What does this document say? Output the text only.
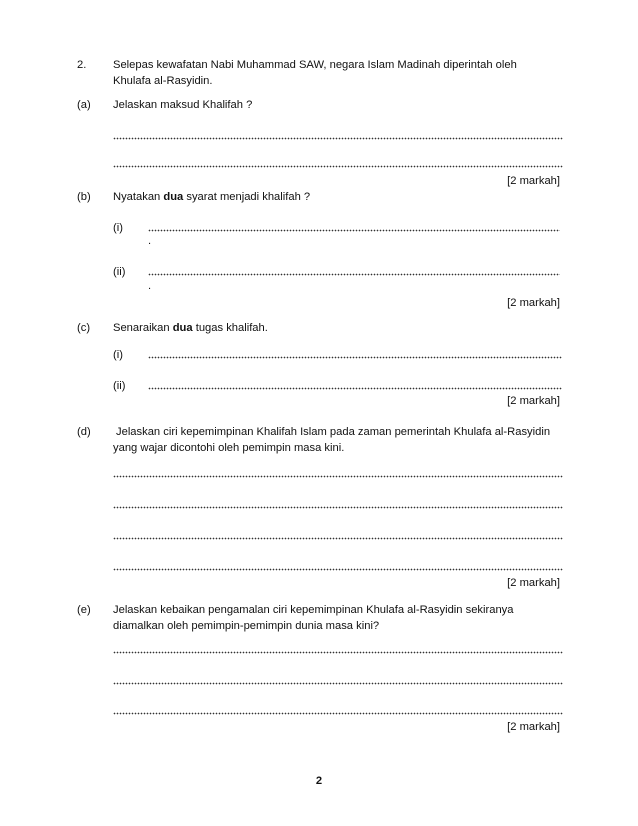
2. Selepas kewafatan Nabi Muhammad SAW, negara Islam Madinah diperintah oleh
Khulafa al-Rasyidin.
(a) Jelaskan maksud Khalifah ?
[2 markah]
(b) Nyatakan dua syarat menjadi khalifah ?
(i)
.
(ii)
.
[2 markah]
(c) Senaraikan dua tugas khalifah.
(i)
(ii)
[2 markah]
(d) Jelaskan ciri kepemimpinan Khalifah Islam pada zaman pemerintah Khulafa al-Rasyidin
yang wajar dicontohi oleh pemimpin masa kini.
[2 markah]
(e) Jelaskan kebaikan pengamalan ciri kepemimpinan Khulafa al-Rasyidin sekiranya
diamalkan oleh pemimpin-pemimpin dunia masa kini?
[2 markah]
2
